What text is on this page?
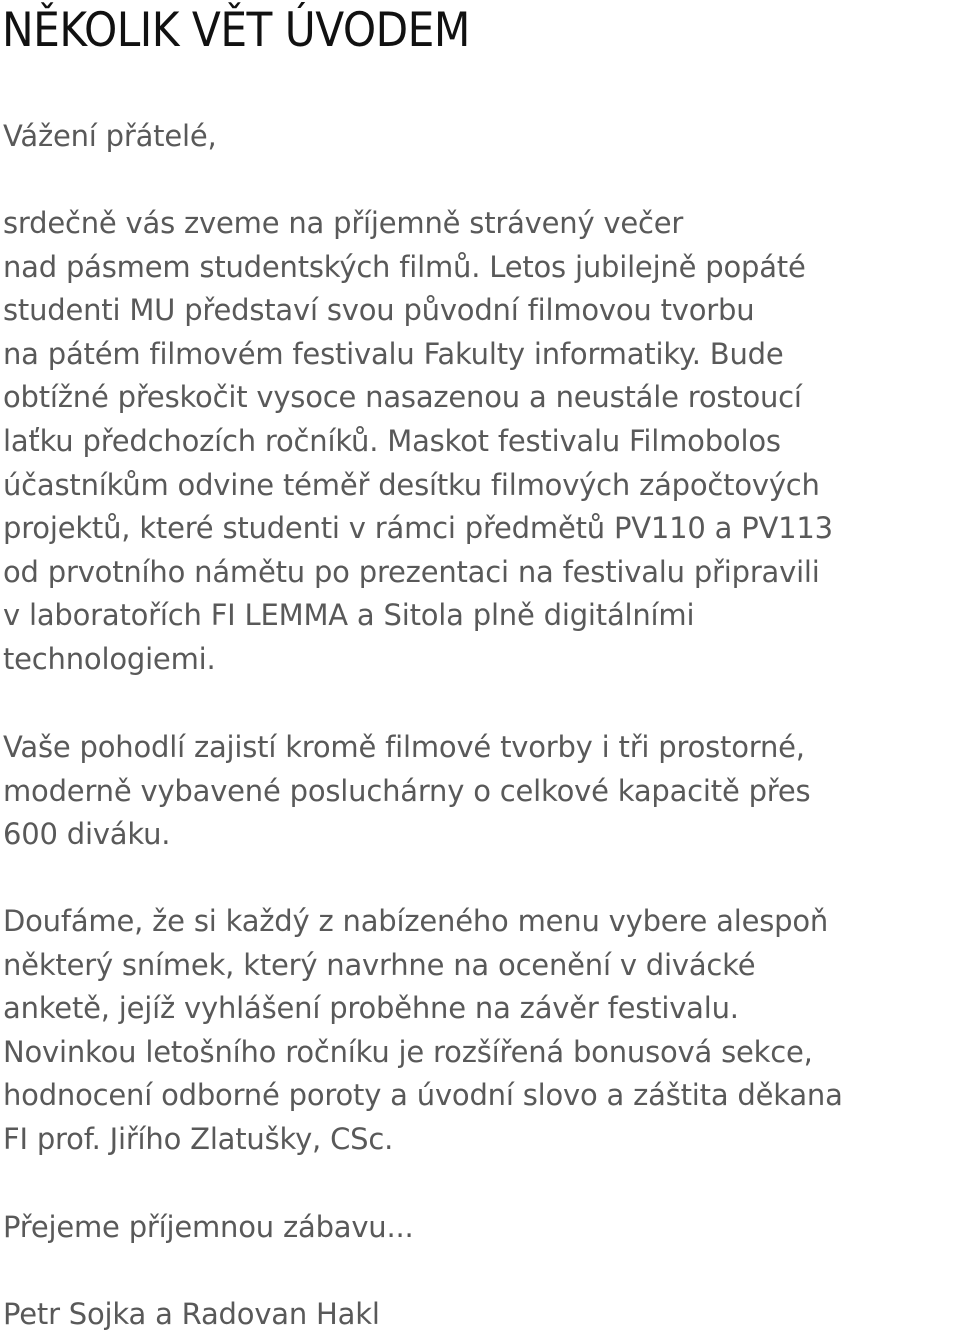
NĚKOLIK VĚT ÚVODEM

Vážení přátelé,

srdečně vás zveme na příjemně strávený večer
nad pásmem studentských filmů. Letos jubilejně popáté
studenti MU představí svou původní filmovou tvorbu
na pátém filmovém festivalu Fakulty informatiky. Bude
obtížné přeskočit vysoce nasazenou a neustále rostoucí
laťku předchozích ročníků. Maskot festivalu Filmobolos
účastníkům odvine téměř desítku filmových zápočtových
projektů, které studenti v rámci předmětů PV110 a PV113
od prvotního námětu po prezentaci na festivalu připravili
v laboratořích FI LEMMA a Sitola plně digitálními
technologiemi.

Vaše pohodlí zajistí kromě filmové tvorby i tři prostorné,
moderně vybavené posluchárny o celkové kapacitě přes
600 diváku.

Doufáme, že si každý z nabízeného menu vybere alespoň
některý snímek, který navrhne na ocenění v divácké
anketě, jejíž vyhlášení proběhne na závěr festivalu.
Novinkou letošního ročníku je rozšířená bonusová sekce,
hodnocení odborné poroty a úvodní slovo a záštita děkana
FI prof. Jiřího Zlatušky, CSc.

Přejeme příjemnou zábavu...

Petr Sojka a Radovan Hakl
